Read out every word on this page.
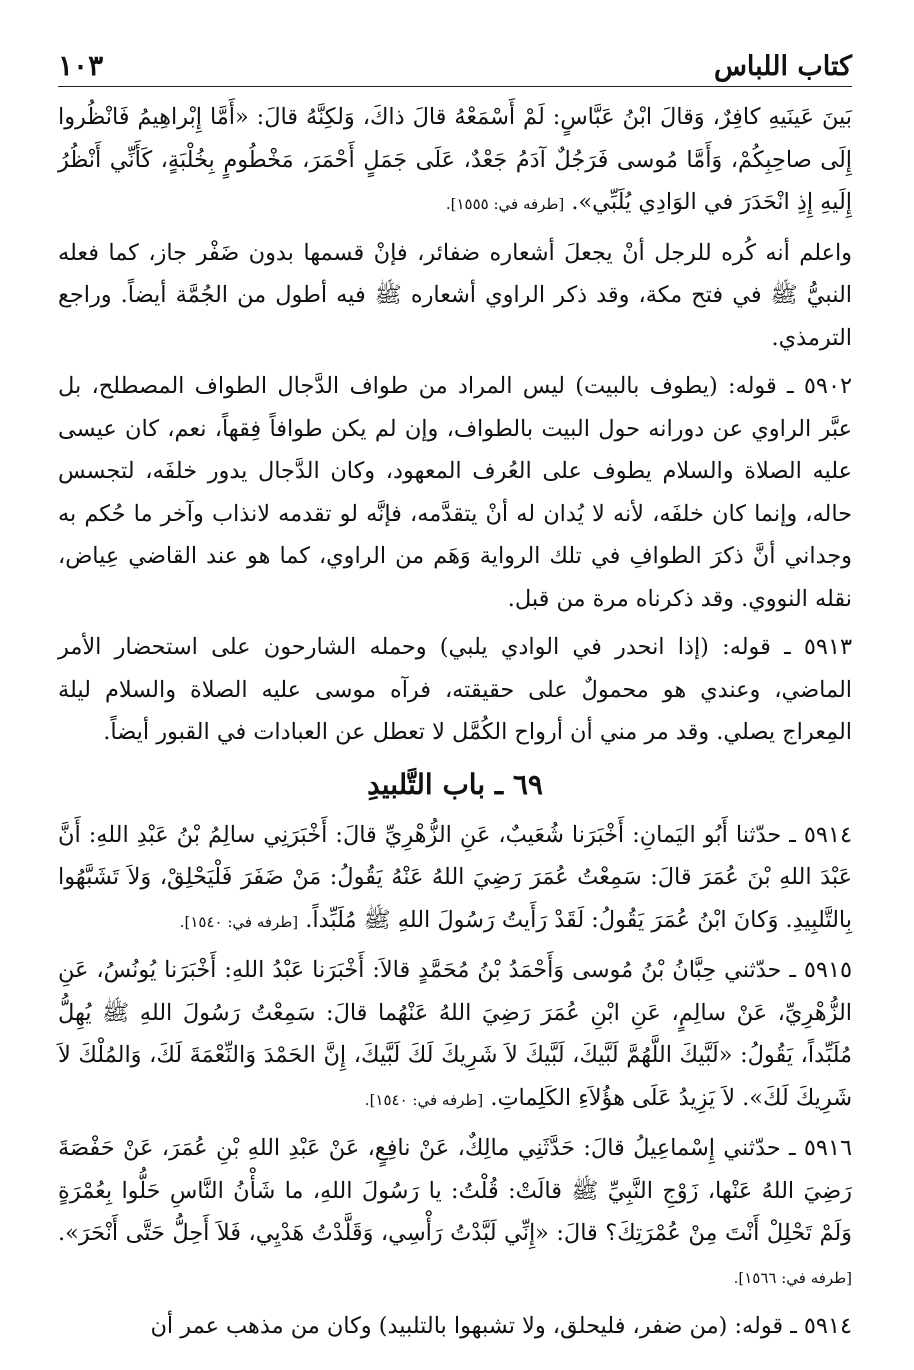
كتاب اللباس
١٠٣

بَينَ عَينَيهِ كافِرٌ، وَقالَ ابْنُ عَبَّاسٍ: لَمْ أَسْمَعْهُ قالَ ذاكَ، وَلكِنَّهُ قالَ: «أَمَّا إِبْراهِيمُ فَانْظُروا إِلَى صاحِبِكُمْ، وَأَمَّا مُوسى فَرَجُلٌ آدَمُ جَعْدٌ، عَلَى جَمَلٍ أَحْمَرَ، مَخْطُومٍ بِخُلْبَةٍ، كَأَنِّي أَنْظُرُ إِلَيهِ إِذِ انْحَدَرَ في الوَادِي يُلَبِّي». [طرفه في: ١٥٥٥].

واعلم أنه كُره للرجل أنْ يجعلَ أشعاره ضفائر، فإنْ قسمها بدون ضَفْر جاز، كما فعله النبيُّ ﷺ في فتح مكة، وقد ذكر الراوي أشعاره ﷺ فيه أطول من الجُمَّة أيضاً. وراجع الترمذي.

٥٩٠٢ ـ قوله: (يطوف بالبيت) ليس المراد من طواف الدَّجال الطواف المصطلح، بل عبَّر الراوي عن دورانه حول البيت بالطواف، وإن لم يكن طوافاً فِقهاً، نعم، كان عيسى عليه الصلاة والسلام يطوف على العُرف المعهود، وكان الدَّجال يدور خلفَه، لتجسس حاله، وإنما كان خلفَه، لأنه لا يُدان له أنْ يتقدَّمه، فإنَّه لو تقدمه لانذاب وآخر ما حُكم به وجداني أنَّ ذكرَ الطوافِ في تلك الرواية وَهَم من الراوي، كما هو عند القاضي عِياض، نقله النووي. وقد ذكرناه مرة من قبل.

٥٩١٣ ـ قوله: (إذا انحدر في الوادي يلبي) وحمله الشارحون على استحضار الأمر الماضي، وعندي هو محمولٌ على حقيقته، فرآه موسى عليه الصلاة والسلام ليلة المِعراج يصلي. وقد مر مني أن أرواح الكُمَّل لا تعطل عن العبادات في القبور أيضاً.

٦٩ ـ باب التَّلبيدِ

٥٩١٤ ـ حدّثنا أَبُو اليَمانِ: أَخْبَرَنا شُعَيبٌ، عَنِ الزُّهْرِيِّ قالَ: أَخْبَرَنِي سالِمُ بْنُ عَبْدِ اللهِ: أَنَّ عَبْدَ اللهِ بْنَ عُمَرَ قالَ: سَمِعْتُ عُمَرَ رَضِيَ اللهُ عَنْهُ يَقُولُ: مَنْ ضَفَرَ فَلْيَحْلِقْ، وَلاَ تَشَبَّهُوا بِالتَّلبِيدِ. وَكانَ ابْنُ عُمَرَ يَقُولُ: لَقَدْ رَأَيتُ رَسُولَ اللهِ ﷺ مُلَبِّداً. [طرفه في: ١٥٤٠].

٥٩١٥ ـ حدّثني حِبَّانُ بْنُ مُوسى وَأَحْمَدُ بْنُ مُحَمَّدٍ قالاَ: أَخْبَرَنا عَبْدُ اللهِ: أَخْبَرَنا يُونُسُ، عَنِ الزُّهْرِيِّ، عَنْ سالِمٍ، عَنِ ابْنِ عُمَرَ رَضِيَ اللهُ عَنْهُما قالَ: سَمِعْتُ رَسُولَ اللهِ ﷺ يُهِلُّ مُلَبِّداً، يَقُولُ: «لَبَّيكَ اللَّهُمَّ لَبَّيكَ، لَبَّيكَ لاَ شَرِيكَ لَكَ لَبَّيكَ، إِنَّ الحَمْدَ وَالنِّعْمَةَ لَكَ، وَالمُلْكَ لاَ شَرِيكَ لَكَ». لاَ يَزِيدُ عَلَى هؤُلاَءِ الكَلِماتِ. [طرفه في: ١٥٤٠].

٥٩١٦ ـ حدّثني إِسْماعِيلُ قالَ: حَدَّثَنِي مالِكٌ، عَنْ نافِعٍ، عَنْ عَبْدِ اللهِ بْنِ عُمَرَ، عَنْ حَفْصَةَ رَضِيَ اللهُ عَنْها، زَوْجِ النَّبِيِّ ﷺ قالَتْ: قُلْتُ: يا رَسُولَ اللهِ، ما شَأْنُ النَّاسِ حَلُّوا بِعُمْرَةٍ وَلَمْ تَحْلِلْ أَنْتَ مِنْ عُمْرَتِكَ؟ قالَ: «إِنِّي لَبَّدْتُ رَأْسِي، وَقَلَّدْتُ هَدْيِي، فَلاَ أَحِلُّ حَتَّى أَنْحَرَ». [طرفه في: ١٥٦٦].

٥٩١٤ ـ قوله: (من ضفر، فليحلق، ولا تشبهوا بالتلبيد) وكان من مذهب عمر أن
